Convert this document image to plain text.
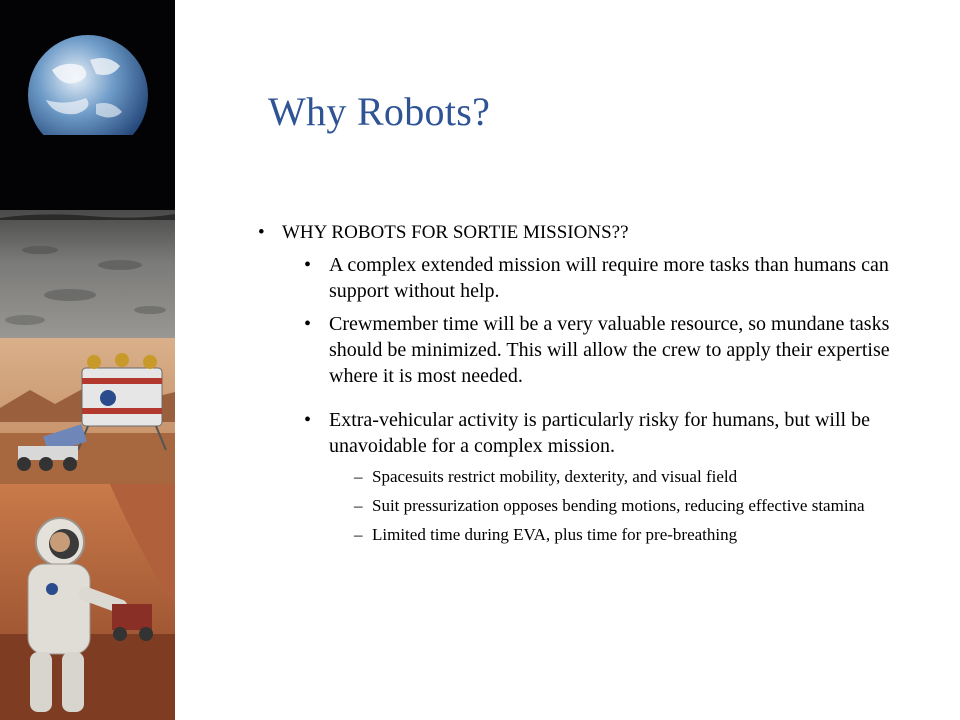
Why Robots?
• WHY ROBOTS FOR SORTIE MISSIONS??
• A complex extended mission will require more tasks than humans can support without help.
• Crewmember time will be a very valuable resource, so mundane tasks should be minimized. This will allow the crew to apply their expertise where it is most needed.
• Extra-vehicular activity is particularly risky for humans, but will be unavoidable for a complex mission.
– Spacesuits restrict mobility, dexterity, and visual field
– Suit pressurization opposes bending motions, reducing effective stamina
– Limited time during EVA, plus time for pre-breathing
